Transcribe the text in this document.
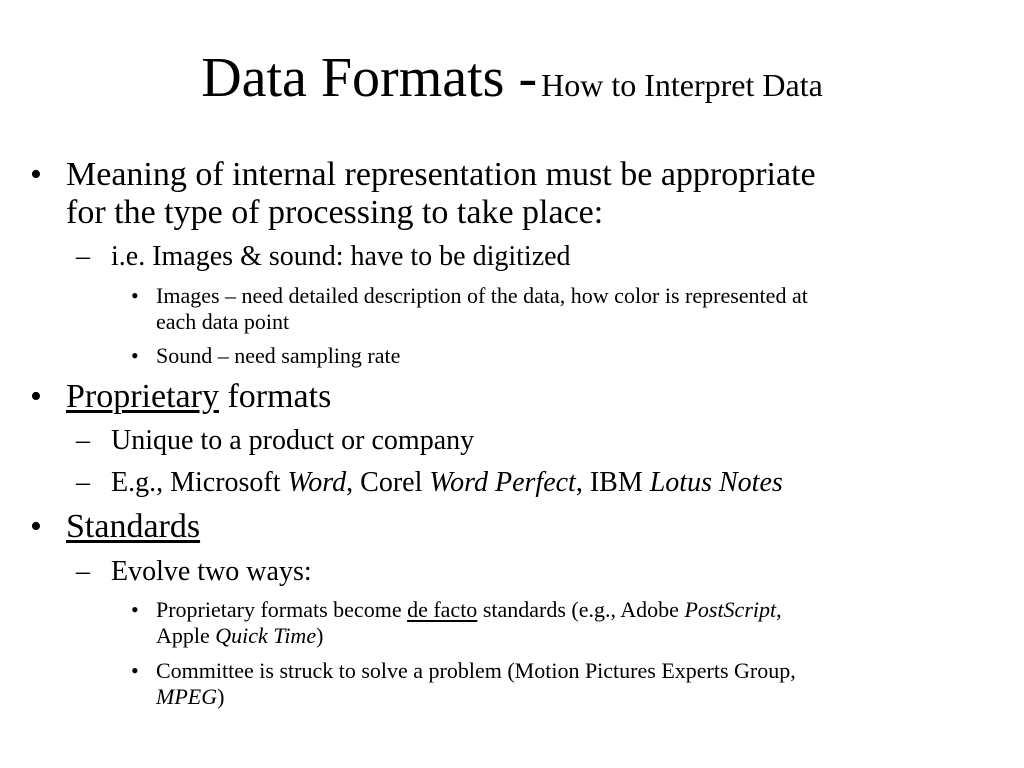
Data Formats - How to Interpret Data
• Meaning of internal representation must be appropriate
for the type of processing to take place:
– i.e. Images & sound: have to be digitized
• Images – need detailed description of the data, how color is represented at
each data point
• Sound – need sampling rate
• Proprietary formats
– Unique to a product or company
– E.g., Microsoft Word, Corel Word Perfect, IBM Lotus Notes
• Standards
– Evolve two ways:
• Proprietary formats become de facto standards (e.g., Adobe PostScript,
Apple Quick Time)
• Committee is struck to solve a problem (Motion Pictures Experts Group,
MPEG)
